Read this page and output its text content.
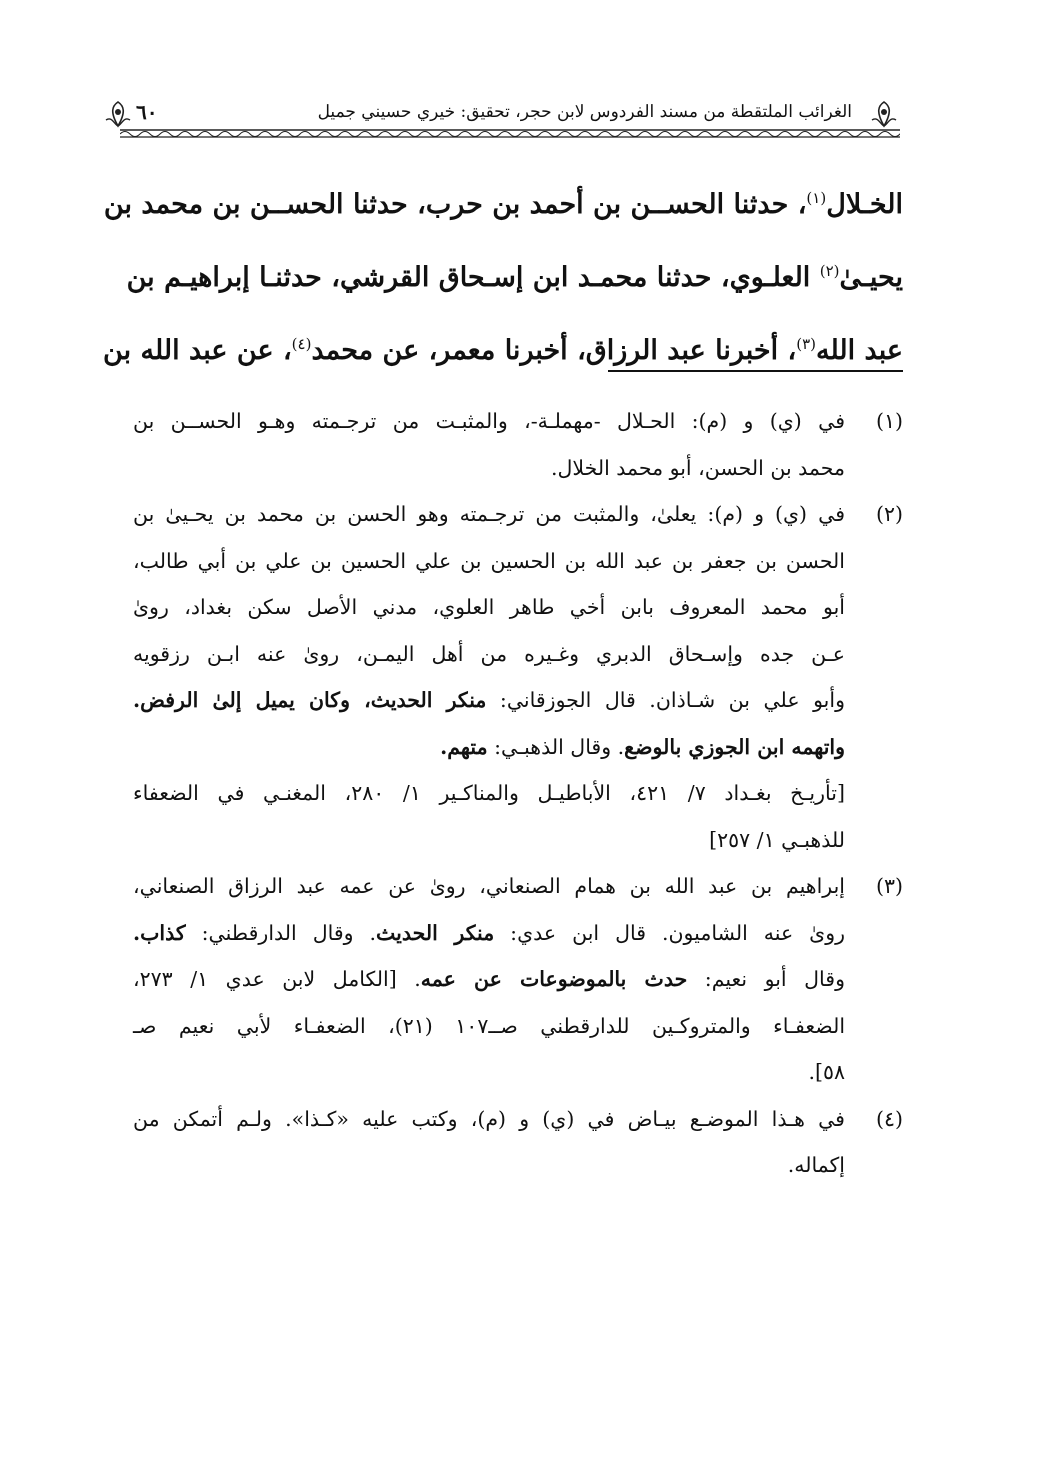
الغرائب الملتقطة من مسند الفردوس لابن حجر، تحقيق: خيري حسيني جميل
٦٠
الخـلال$^{(١)}$، حدثنا الحســن بن أحمد بن حرب، حدثنا الحســن بن محمد بن
يحيـىٰ$^{(٢)}$ العلـوي، حدثنا محمـد ابن إسـحاق القرشي، حدثنـا إبراهيـم بن
عبد الله$^{(٣)}$، أخبرنا عبد الرزاق، أخبرنا معمر، عن محمد$^{(٤)}$، عن عبد الله بن
(١)
في (ي) و (م): الحـلال -مهملـة-، والمثبـت من ترجـمته وهـو الحســن بن
محمد بن الحسن، أبو محمد الخلال.
(٢)
في (ي) و (م): يعلىٰ، والمثبت من ترجـمته وهو الحسن بن محمد بن يحـيىٰ بن
الحسن بن جعفر بن عبد الله بن الحسين بن علي الحسين بن علي بن أبي طالب،
أبو محمد المعروف بابن أخي طاهر العلوي، مدني الأصل سكن بغداد، روىٰ
عـن جده وإسـحاق الدبري وغـيره من أهل اليمـن، روىٰ عنه ابـن رزقويه
وأبو علي بن شـاذان. قال الجوزقاني: منكر الحديث، وكان يميل إلىٰ الرفض.
واتهمه ابن الجوزي بالوضع. وقال الذهبـي: متهم.
[تأريـخ بغـداد ٧/ ٤٢١، الأباطيـل والمناكـير ١/ ٢٨٠، المغنـي في الضعفاء
للذهبـي ١/ ٢٥٧]
(٣)
إبراهيم بن عبد الله بن همام الصنعاني، روىٰ عن عمه عبد الرزاق الصنعاني،
روىٰ عنه الشاميون. قال ابن عدي: منكر الحديث. وقال الدارقطني: كذاب.
وقال أبو نعيم: حدث بالموضوعات عن عمه. [الكامل لابن عدي ١/ ٢٧٣،
الضعفـاء والمتروكـين للدارقطني صــ١٠٧ (٢١)، الضعفـاء لأبي نعيم صـ
٥٨].
(٤)
في هـذا الموضـع بيـاض في (ي) و (م)، وكتب عليه «كـذا». ولـم أتمكن من
إكماله.
